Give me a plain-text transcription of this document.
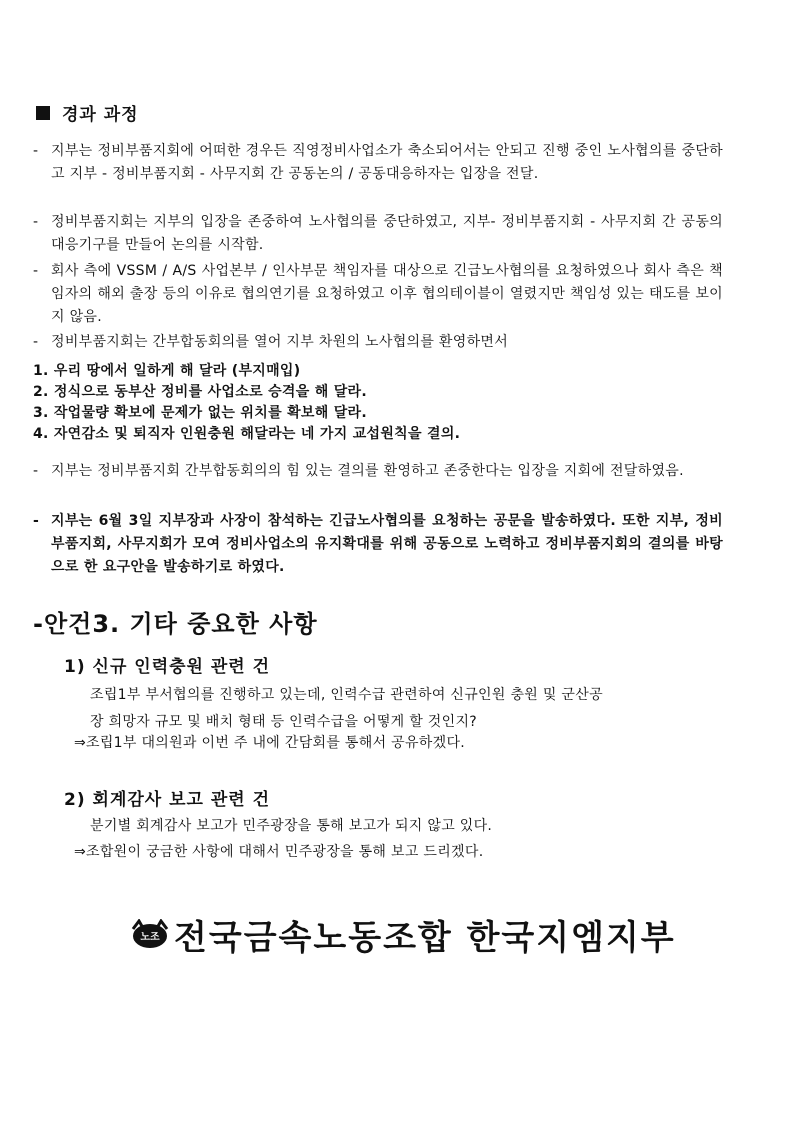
경과 과정
- 지부는 정비부품지회에 어떠한 경우든 직영정비사업소가 축소되어서는 안되고 진행 중인 노사협의를 중단하고 지부 - 정비부품지회 - 사무지회 간 공동논의 / 공동대응하자는 입장을 전달.
- 정비부품지회는 지부의 입장을 존중하여 노사협의를 중단하였고, 지부- 정비부품지회 - 사무지회 간 공동의 대응기구를 만들어 논의를 시작함.
- 회사 측에 VSSM / A/S 사업본부 / 인사부문 책임자를 대상으로 긴급노사협의를 요청하였으나 회사 측은 책임자의 해외 출장 등의 이유로 협의연기를 요청하였고 이후 협의테이블이 열렸지만 책임성 있는 태도를 보이지 않음.
- 정비부품지회는 간부합동회의를 열어 지부 차원의 노사협의를 환영하면서
1. 우리 땅에서 일하게 해 달라 (부지매입)
2. 정식으로 동부산 정비를 사업소로 승격을 해 달라.
3. 작업물량 확보에 문제가 없는 위치를 확보해 달라.
4. 자연감소 및 퇴직자 인원충원 해달라는 네 가지 교섭원칙을 결의.
- 지부는 정비부품지회 간부합동회의의 힘 있는 결의를 환영하고 존중한다는 입장을 지회에 전달하였음.
- 지부는 6월 3일 지부장과 사장이 참석하는 긴급노사협의를 요청하는 공문을 발송하였다. 또한 지부, 정비부품지회, 사무지회가 모여 정비사업소의 유지확대를 위해 공동으로 노력하고 정비부품지회의 결의를 바탕으로 한 요구안을 발송하기로 하였다.
-안건3. 기타 중요한 사항
1) 신규 인력충원 관련 건
조립1부 부서협의를 진행하고 있는데, 인력수급 관련하여 신규인원 충원 및 군산공
장 희망자 규모 및 배치 형태 등 인력수급을 어떻게 할 것인지?
⇒조립1부 대의원과 이번 주 내에 간담회를 통해서 공유하겠다.
2) 회계감사 보고 관련 건
분기별 회계감사 보고가 민주광장을 통해 보고가 되지 않고 있다.
⇒조합원이 궁금한 사항에 대해서 민주광장을 통해 보고 드리겠다.
노조 전국금속노동조합 한국지엠지부
